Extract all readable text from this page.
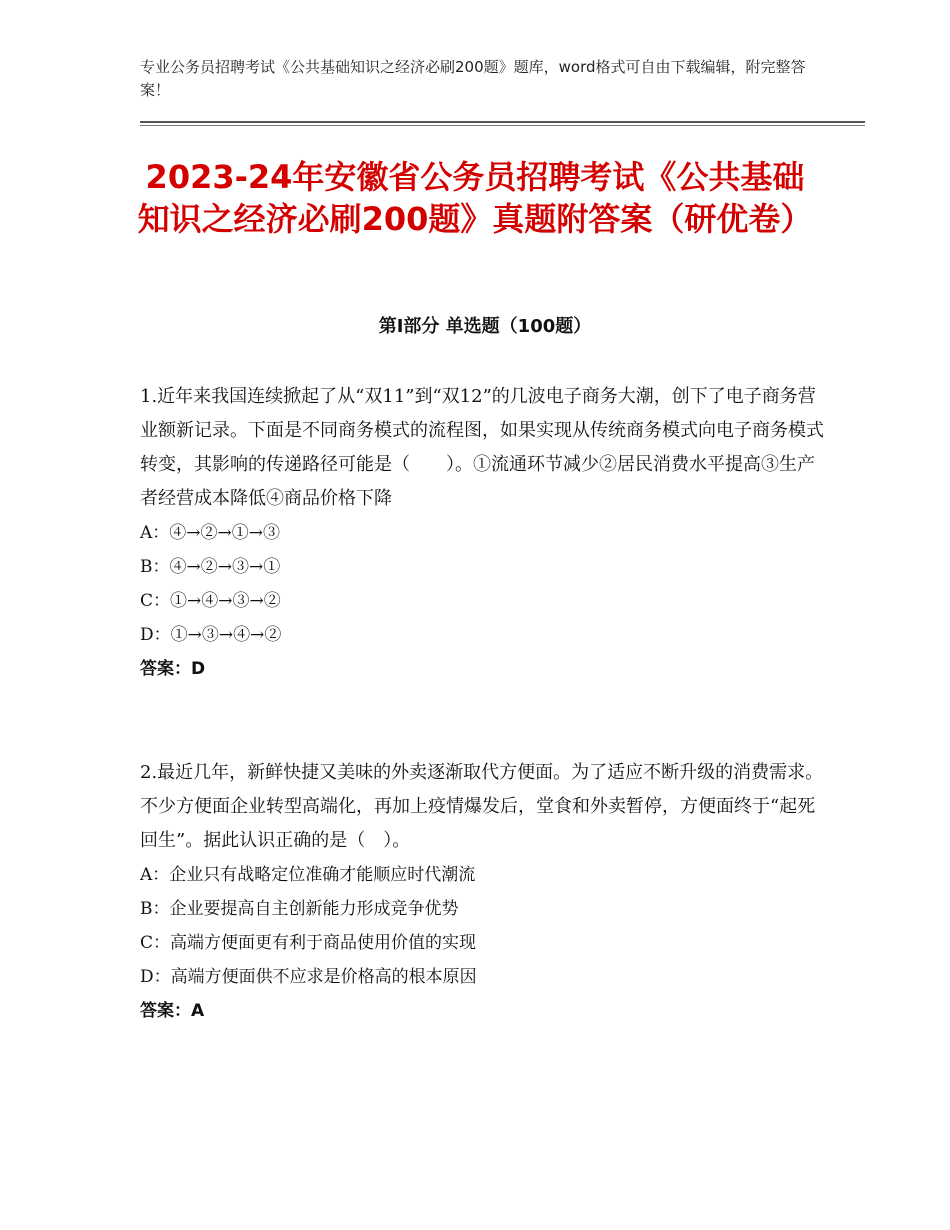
专业公务员招聘考试《公共基础知识之经济必刷200题》题库，word格式可自由下载编辑，附完整答案！
2023-24年安徽省公务员招聘考试《公共基础知识之经济必刷200题》真题附答案（研优卷）
第Ⅰ部分 单选题（100题）

1.近年来我国连续掀起了从“双11”到“双12”的几波电子商务大潮，创下了电子商务营业额新记录。下面是不同商务模式的流程图，如果实现从传统商务模式向电子商务模式转变，其影响的传递路径可能是（　　）。①流通环节减少②居民消费水平提高③生产者经营成本降低④商品价格下降

A：④→②→①→③

B：④→②→③→①

C：①→④→③→②

D：①→③→④→②

答案：D

2.最近几年，新鲜快捷又美味的外卖逐渐取代方便面。为了适应不断升级的消费需求。不少方便面企业转型高端化，再加上疫情爆发后，堂食和外卖暂停，方便面终于“起死回生”。据此认识正确的是（　）。

A：企业只有战略定位准确才能顺应时代潮流

B：企业要提高自主创新能力形成竞争优势

C：高端方便面更有利于商品使用价值的实现

D：高端方便面供不应求是价格高的根本原因

答案：A
